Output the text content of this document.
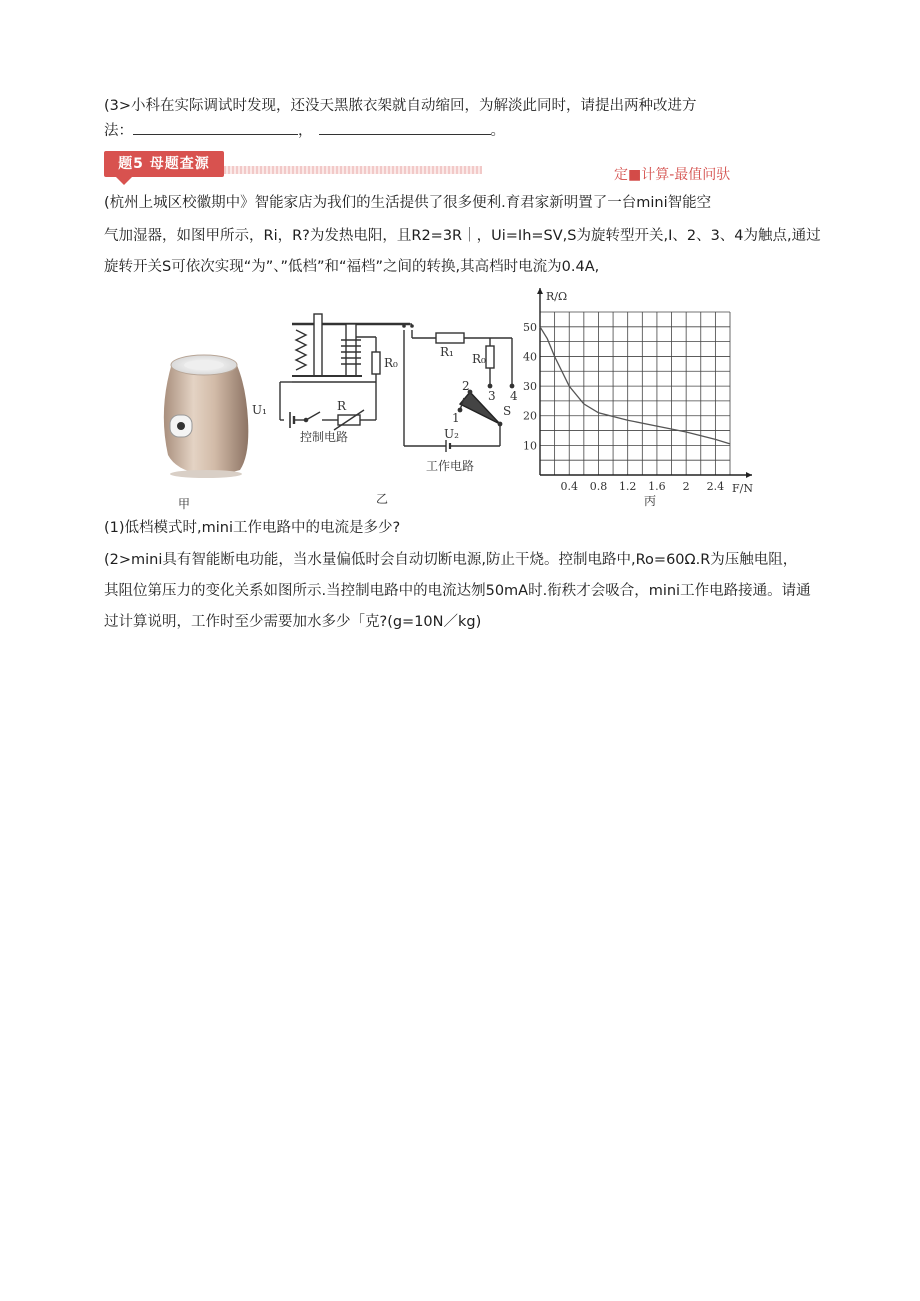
(3>小科在实际调试时发现，还没天黑脓衣架就自动缩回，为解淡此同时，请提出两种改进方
法：	，	。
题5 母题查源
定■计算-最值问驮
(杭州上城区校徽期中》智能家店为我们的生活提供了很多便利.育君家新明置了一台mini智能空
气加湿器，如图甲所示，Ri，R?为发热电阳，且R2=3R｜，Ui=Ih=SV,S为旋转型开关,I、2、3、4为触点,通过
旋转开关S可依次实现“为”、”低档”和“福档”之间的转换,其高档时电流为0.4A,
甲
U₁
R₀
R
控制电路
R₁ R₀
1
2
3 4
S
U₂
工作电路
乙
0.4 0.8 1.2 1.6 2 2.4
10
20
30
40
50
F/N
R/Ω
丙
(1)低档模式时,mini工作电路中的电流是多少?
(2>mini具有智能断电功能，当水量偏低时会自动切断电源,防止干烧。控制电路中,Ro=60Ω.R为压触电阻，
其阻位第压力的变化关系如图所示.当控制电路中的电流达刎50mA时.衔秩才会吸合，mini工作电路接通。请通
过计算说明，工作时至少需要加水多少「克?(g=10N／kg)
